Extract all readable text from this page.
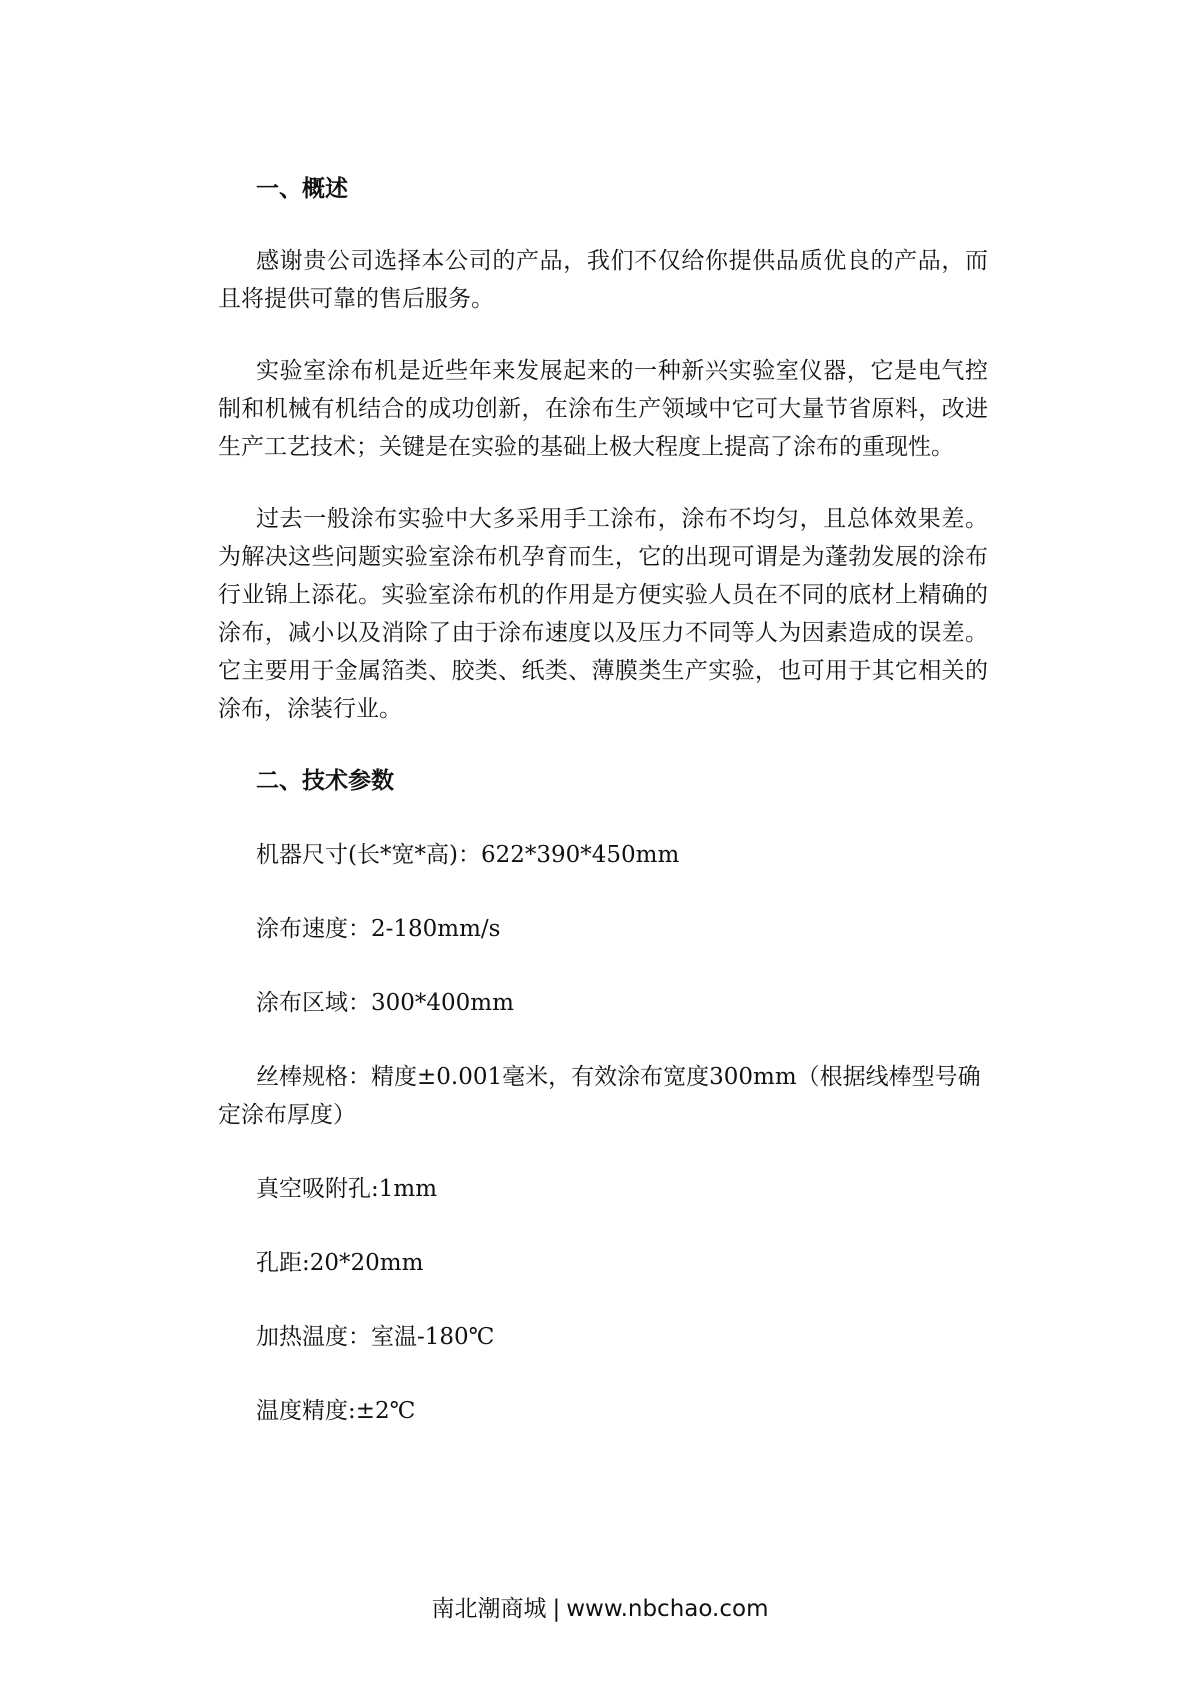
一、概述

感谢贵公司选择本公司的产品，我们不仅给你提供品质优良的产品，而且将提供可靠的售后服务。

实验室涂布机是近些年来发展起来的一种新兴实验室仪器，它是电气控制和机械有机结合的成功创新，在涂布生产领域中它可大量节省原料，改进生产工艺技术；关键是在实验的基础上极大程度上提高了涂布的重现性。

过去一般涂布实验中大多采用手工涂布，涂布不均匀，且总体效果差。为解决这些问题实验室涂布机孕育而生，它的出现可谓是为蓬勃发展的涂布行业锦上添花。实验室涂布机的作用是方便实验人员在不同的底材上精确的涂布，减小以及消除了由于涂布速度以及压力不同等人为因素造成的误差。它主要用于金属箔类、胶类、纸类、薄膜类生产实验，也可用于其它相关的涂布，涂装行业。

二、技术参数

机器尺寸(长*宽*高)：622*390*450mm

涂布速度：2-180mm/s

涂布区域：300*400mm

丝棒规格：精度±0.001毫米，有效涂布宽度300mm（根据线棒型号确定涂布厚度）

真空吸附孔:1mm

孔距:20*20mm

加热温度：室温-180℃

温度精度:±2℃

南北潮商城 | www.nbchao.com
